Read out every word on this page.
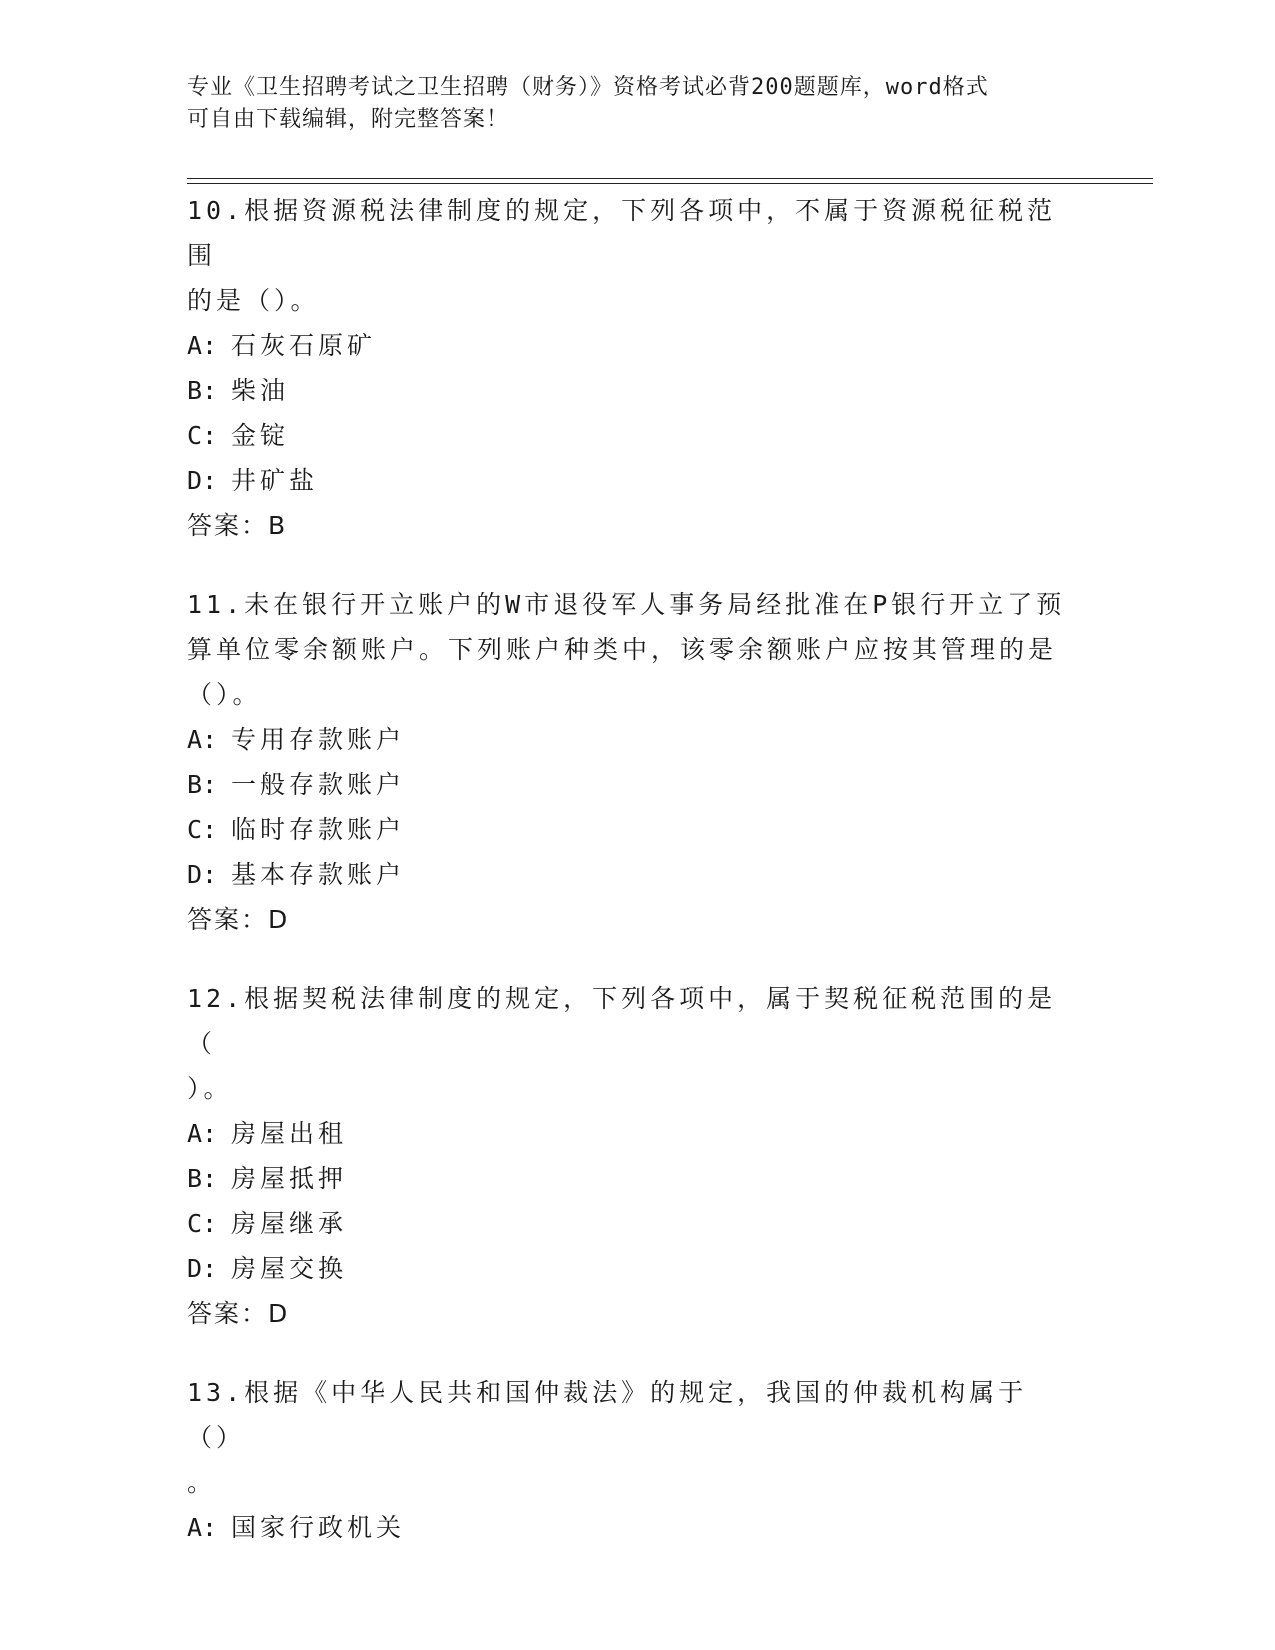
专业《卫生招聘考试之卫生招聘（财务）》资格考试必背200题题库，word格式
可自由下载编辑，附完整答案！

10.根据资源税法律制度的规定，下列各项中，不属于资源税征税范围

的是（）。

A: 石灰石原矿

B: 柴油

C: 金锭

D: 井矿盐

答案：B

11.未在银行开立账户的W市退役军人事务局经批准在P银行开立了预

算单位零余额账户。下列账户种类中，该零余额账户应按其管理的是

（）。

A: 专用存款账户

B: 一般存款账户

C: 临时存款账户

D: 基本存款账户

答案：D

12.根据契税法律制度的规定，下列各项中，属于契税征税范围的是（

）。

A: 房屋出租

B: 房屋抵押

C: 房屋继承

D: 房屋交换

答案：D

13.根据《中华人民共和国仲裁法》的规定，我国的仲裁机构属于（）

。

A: 国家行政机关
